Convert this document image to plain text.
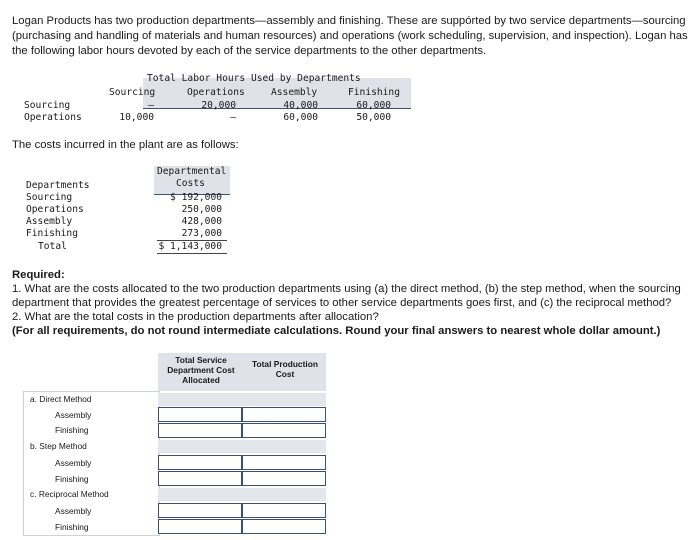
Logan Products has two production departments—assembly and finishing. These are suppórted by two service departments—sourcing (purchasing and handling of materials and human resources) and operations (work scheduling, supervision, and inspection). Logan has the following labor hours devoted by each of the service departments to the other departments.
Total Labor Hours Used by Departments
Sourcing	Operations	Assembly	Finishing
Sourcing	–	20,000	40,000	60,000
Operations	10,000	–	60,000	50,000
The costs incurred in the plant are as follows:
Departmental
Costs
Departments
Sourcing	$ 192,000
Operations	250,000
Assembly	428,000
Finishing	273,000
Total	$ 1,143,000
Required:
1. What are the costs allocated to the two production departments using (a) the direct method, (b) the step method, when the sourcing department that provides the greatest percentage of services to other service departments goes first, and (c) the reciprocal method?
2. What are the total costs in the production departments after allocation?
(For all requirements, do not round intermediate calculations. Round your final answers to nearest whole dollar amount.)
Total Service Department Cost Allocated
Total Production Cost
a. Direct Method
Assembly
Finishing
b. Step Method
Assembly
Finishing
c. Reciprocal Method
Assembly
Finishing
